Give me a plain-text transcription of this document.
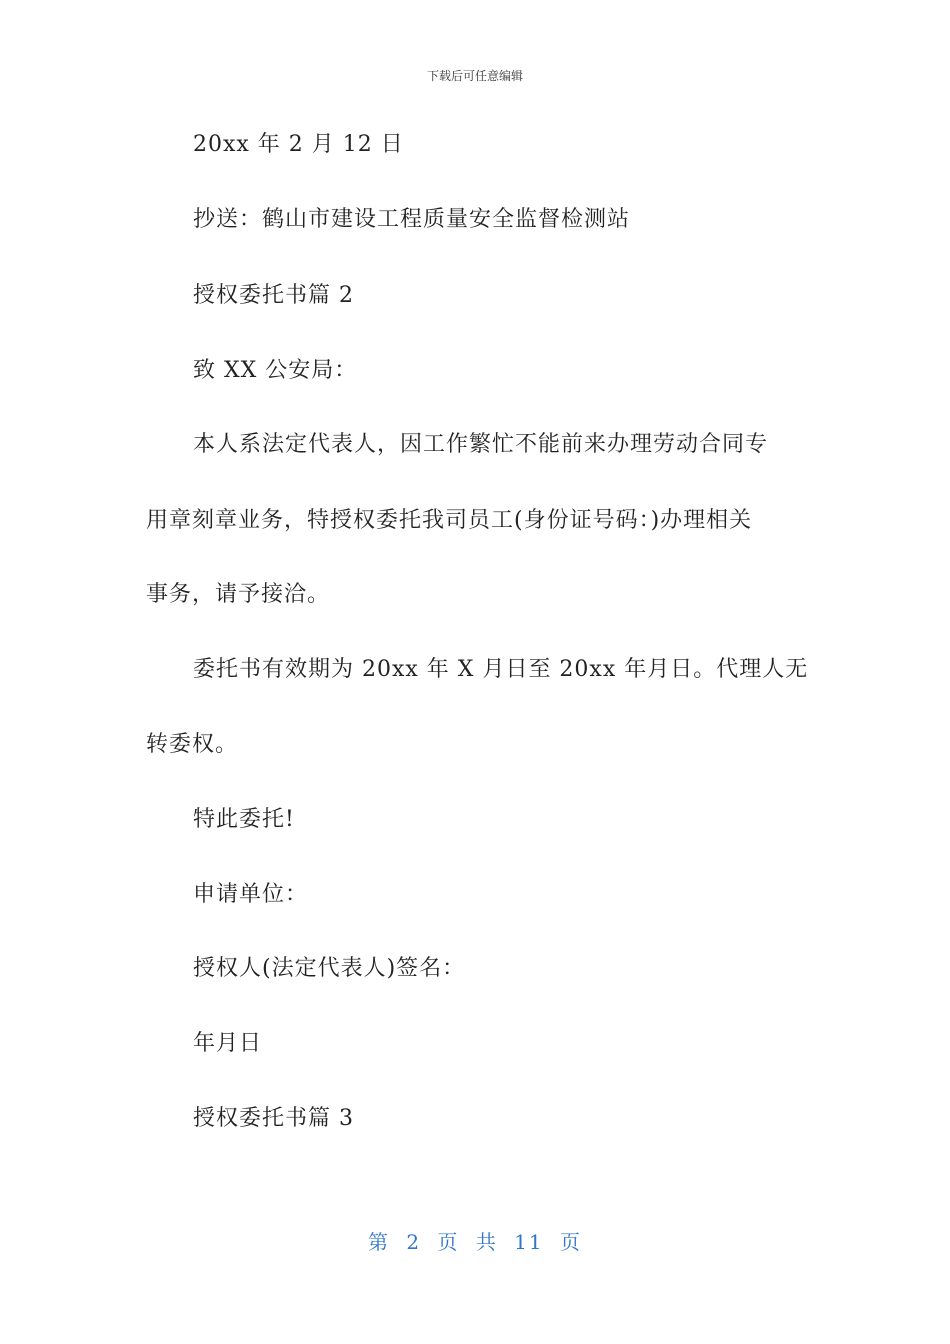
下载后可任意编辑
20xx 年 2 月 12 日
抄送：鹤山市建设工程质量安全监督检测站
授权委托书篇 2
致 XX 公安局：
本人系法定代表人，因工作繁忙不能前来办理劳动合同专
用章刻章业务，特授权委托我司员工(身份证号码：)办理相关
事务，请予接洽。
委托书有效期为 20xx 年 X 月日至 20xx 年月日。代理人无
转委权。
特此委托!
申请单位：
授权人(法定代表人)签名：
年月日
授权委托书篇 3
第 2 页 共 11 页
